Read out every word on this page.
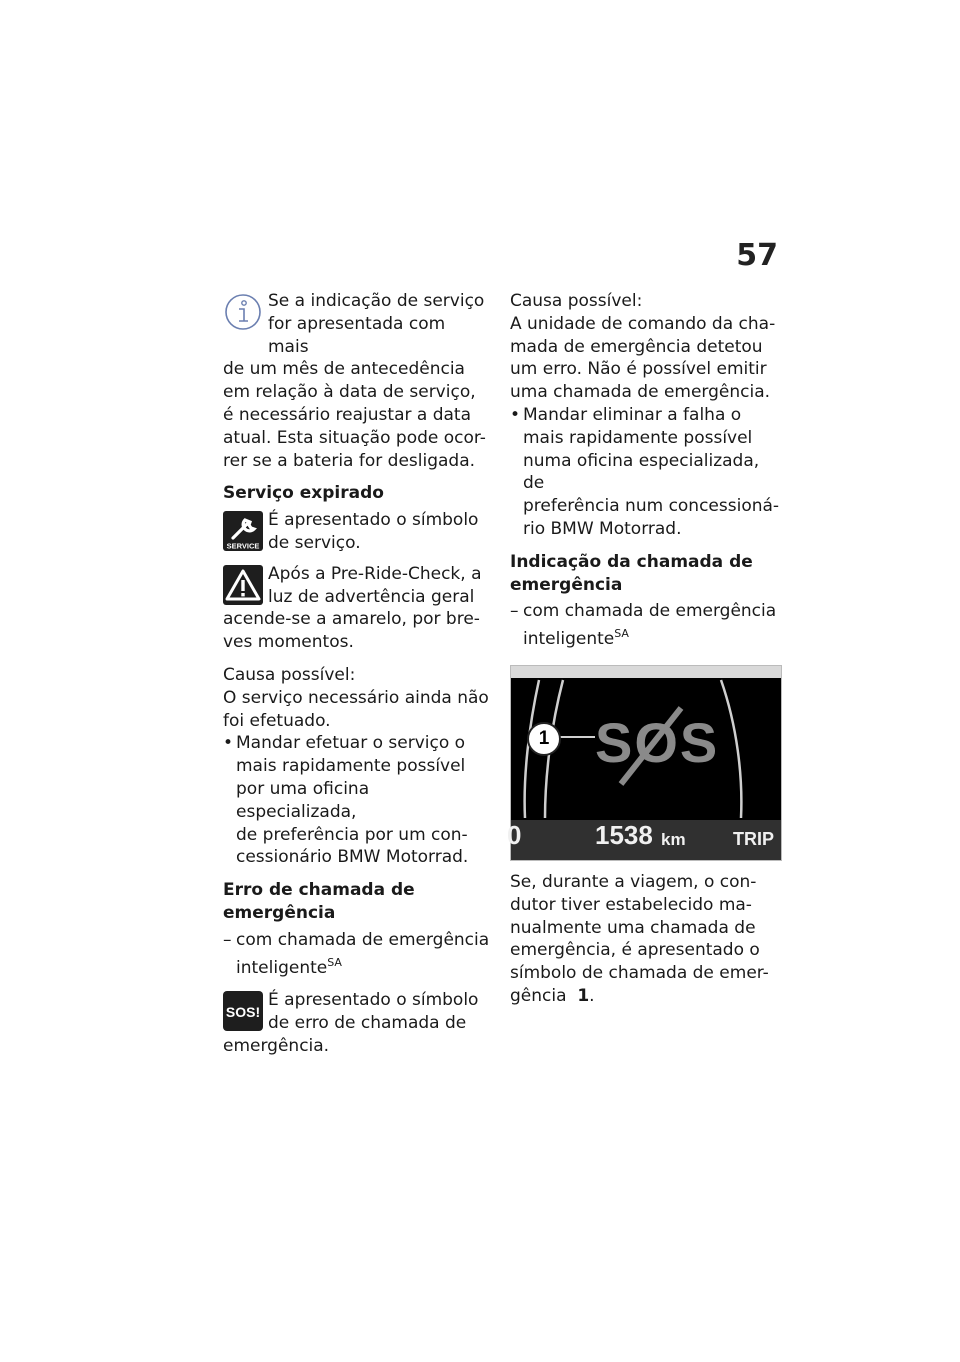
57
Se a indicação de serviço
for apresentada com mais
de um mês de antecedência
em relação à data de serviço,
é necessário reajustar a data
atual. Esta situação pode ocor-
rer se a bateria for desligada.
Serviço expirado
SERVICE
É apresentado o símbolo
de serviço.
Após a Pre-Ride-Check, a
luz de advertência geral
acende-se a amarelo, por bre-
ves momentos.

Causa possível:

O serviço necessário ainda não

foi efetuado.

• Mandar efetuar o serviço o

mais rapidamente possível

por uma oficina especializada,

de preferência por um con-

cessionário BMW Motorrad.

Erro de chamada de

emergência

– com chamada de emergência

inteligente$^{SA}$

SOS!
É apresentado o símbolo
de erro de chamada de
emergência.

Causa possível:

A unidade de comando da cha-

mada de emergência detetou

um erro. Não é possível emitir

uma chamada de emergência.

• Mandar eliminar a falha o

mais rapidamente possível

numa oficina especializada, de

preferência num concessioná-

rio BMW Motorrad.

Indicação da chamada de

emergência

– com chamada de emergência

inteligente$^{SA}$

SOS
1
0	1538 km	TRIP

Se, durante a viagem, o con-

dutor tiver estabelecido ma-

nualmente uma chamada de

emergência, é apresentado o

símbolo de chamada de emer-

gência 1.
